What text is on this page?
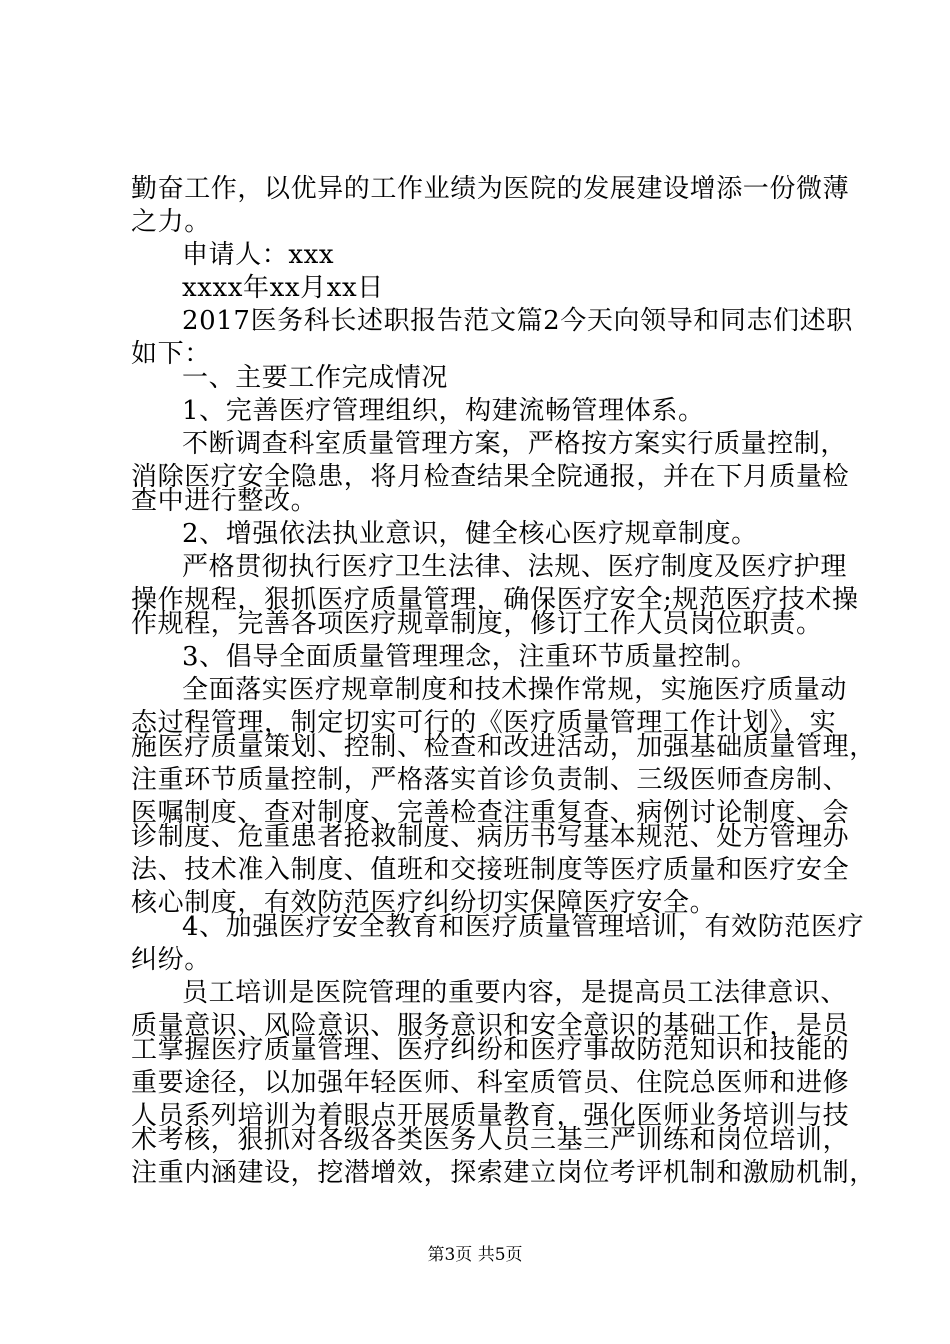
勤奋工作，以优异的工作业绩为医院的发展建设增添一份微薄
之力。
申请人：xxx
xxxx年xx月xx日
2017医务科长述职报告范文篇2今天向领导和同志们述职
如下：
一、主要工作完成情况
1、完善医疗管理组织，构建流畅管理体系。
不断调查科室质量管理方案，严格按方案实行质量控制，
消除医疗安全隐患，将月检查结果全院通报，并在下月质量检
查中进行整改。
2、增强依法执业意识，健全核心医疗规章制度。
严格贯彻执行医疗卫生法律、法规、医疗制度及医疗护理
操作规程，狠抓医疗质量管理，确保医疗安全;规范医疗技术操
作规程，完善各项医疗规章制度，修订工作人员岗位职责。
3、倡导全面质量管理理念，注重环节质量控制。
全面落实医疗规章制度和技术操作常规，实施医疗质量动
态过程管理，制定切实可行的《医疗质量管理工作计划》，实
施医疗质量策划、控制、检查和改进活动，加强基础质量管理，
注重环节质量控制，严格落实首诊负责制、三级医师查房制、
医嘱制度、查对制度、完善检查注重复查、病例讨论制度、会
诊制度、危重患者抢救制度、病历书写基本规范、处方管理办
法、技术准入制度、值班和交接班制度等医疗质量和医疗安全
核心制度，有效防范医疗纠纷切实保障医疗安全。
4、加强医疗安全教育和医疗质量管理培训，有效防范医疗
纠纷。
员工培训是医院管理的重要内容，是提高员工法律意识、
质量意识、风险意识、服务意识和安全意识的基础工作，是员
工掌握医疗质量管理、医疗纠纷和医疗事故防范知识和技能的
重要途径，以加强年轻医师、科室质管员、住院总医师和进修
人员系列培训为着眼点开展质量教育，强化医师业务培训与技
术考核，狠抓对各级各类医务人员三基三严训练和岗位培训，
注重内涵建设，挖潜增效，探索建立岗位考评机制和激励机制，
第3页 共5页
